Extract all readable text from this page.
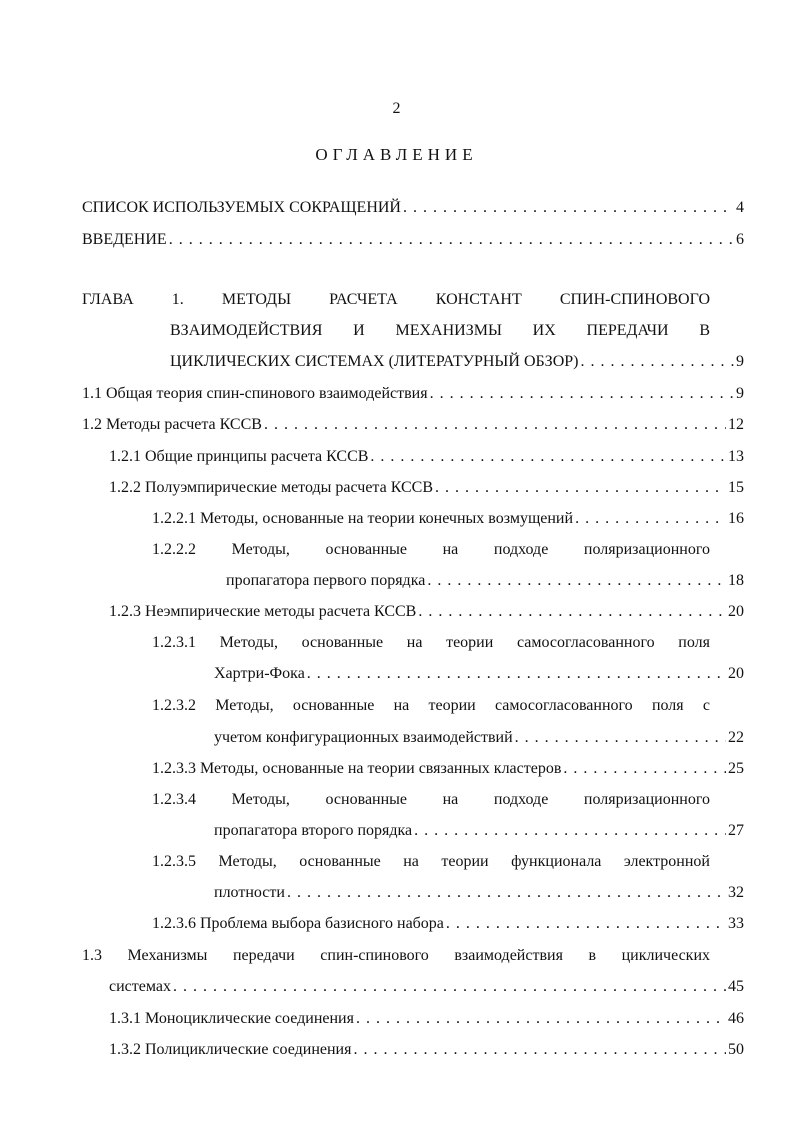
2
ОГЛАВЛЕНИЕ
СПИСОК ИСПОЛЬЗУЕМЫХ СОКРАЩЕНИЙ . . .	4
ВВЕДЕНИЕ . . .	6
ГЛАВА 1. МЕТОДЫ РАСЧЕТА КОНСТАНТ СПИН-СПИНОВОГО
ВЗАИМОДЕЙСТВИЯ И МЕХАНИЗМЫ ИХ ПЕРЕДАЧИ В
ЦИКЛИЧЕСКИХ СИСТЕМАХ (ЛИТЕРАТУРНЫЙ ОБЗОР) . . .	9
1.1 Общая теория спин-спинового взаимодействия . . .	9
1.2 Методы расчета КССВ . . .	12
1.2.1 Общие принципы расчета КССВ . . .	13
1.2.2 Полуэмпирические методы расчета КССВ . . .	15
1.2.2.1 Методы, основанные на теории конечных возмущений . . .	16
1.2.2.2 Методы, основанные на подходе поляризационного
пропагатора первого порядка . . .	18
1.2.3 Неэмпирические методы расчета КССВ . . .	20
1.2.3.1 Методы, основанные на теории самосогласованного поля
Хартри-Фока . . .	20
1.2.3.2 Методы, основанные на теории самосогласованного поля с
учетом конфигурационных взаимодействий . . .	22
1.2.3.3 Методы, основанные на теории связанных кластеров . . .	25
1.2.3.4 Методы, основанные на подходе поляризационного
пропагатора второго порядка . . .	27
1.2.3.5 Методы, основанные на теории функционала электронной
плотности . . .	32
1.2.3.6 Проблема выбора базисного набора . . .	33
1.3 Механизмы передачи спин-спинового взаимодействия в циклических
системах . . .	45
1.3.1 Моноциклические соединения . . .	46
1.3.2 Полициклические соединения . . .	50
